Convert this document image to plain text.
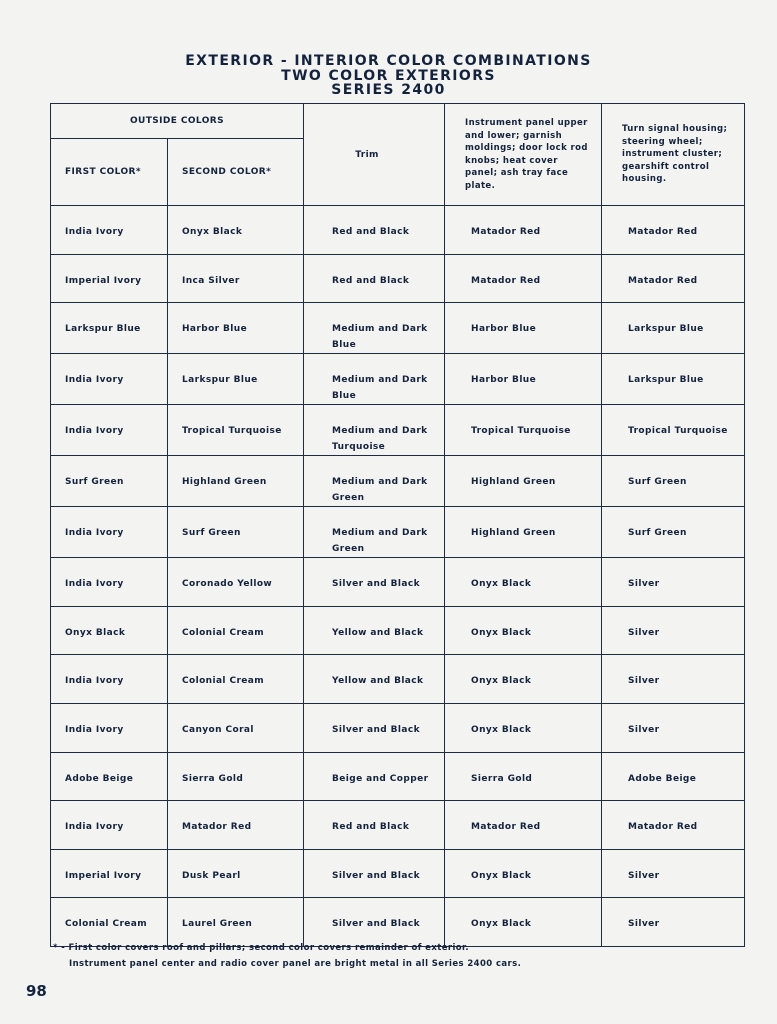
EXTERIOR - INTERIOR COLOR COMBINATIONS
TWO COLOR EXTERIORS
SERIES 2400
OUTSIDE COLORS		Trim	Instrument panel upper and lower; garnish moldings; door lock rod knobs; heat cover panel; ash tray face plate.	Turn signal housing; steering wheel; instrument cluster; gearshift control housing.
FIRST COLOR*	SECOND COLOR*			
India Ivory	Onyx Black	Red and Black	Matador Red	Matador Red
Imperial Ivory	Inca Silver	Red and Black	Matador Red	Matador Red
Larkspur Blue	Harbor Blue	Medium and Dark Blue	Harbor Blue	Larkspur Blue
India Ivory	Larkspur Blue	Medium and Dark Blue	Harbor Blue	Larkspur Blue
India Ivory	Tropical Turquoise	Medium and Dark Turquoise	Tropical Turquoise	Tropical Turquoise
Surf Green	Highland Green	Medium and Dark Green	Highland Green	Surf Green
India Ivory	Surf Green	Medium and Dark Green	Highland Green	Surf Green
India Ivory	Coronado Yellow	Silver and Black	Onyx Black	Silver
Onyx Black	Colonial Cream	Yellow and Black	Onyx Black	Silver
India Ivory	Colonial Cream	Yellow and Black	Onyx Black	Silver
India Ivory	Canyon Coral	Silver and Black	Onyx Black	Silver
Adobe Beige	Sierra Gold	Beige and Copper	Sierra Gold	Adobe Beige
India Ivory	Matador Red	Red and Black	Matador Red	Matador Red
Imperial Ivory	Dusk Pearl	Silver and Black	Onyx Black	Silver
Colonial Cream	Laurel Green	Silver and Black	Onyx Black	Silver
* - First color covers roof and pillars; second color covers remainder of exterior.
Instrument panel center and radio cover panel are bright metal in all Series 2400 cars.
98
